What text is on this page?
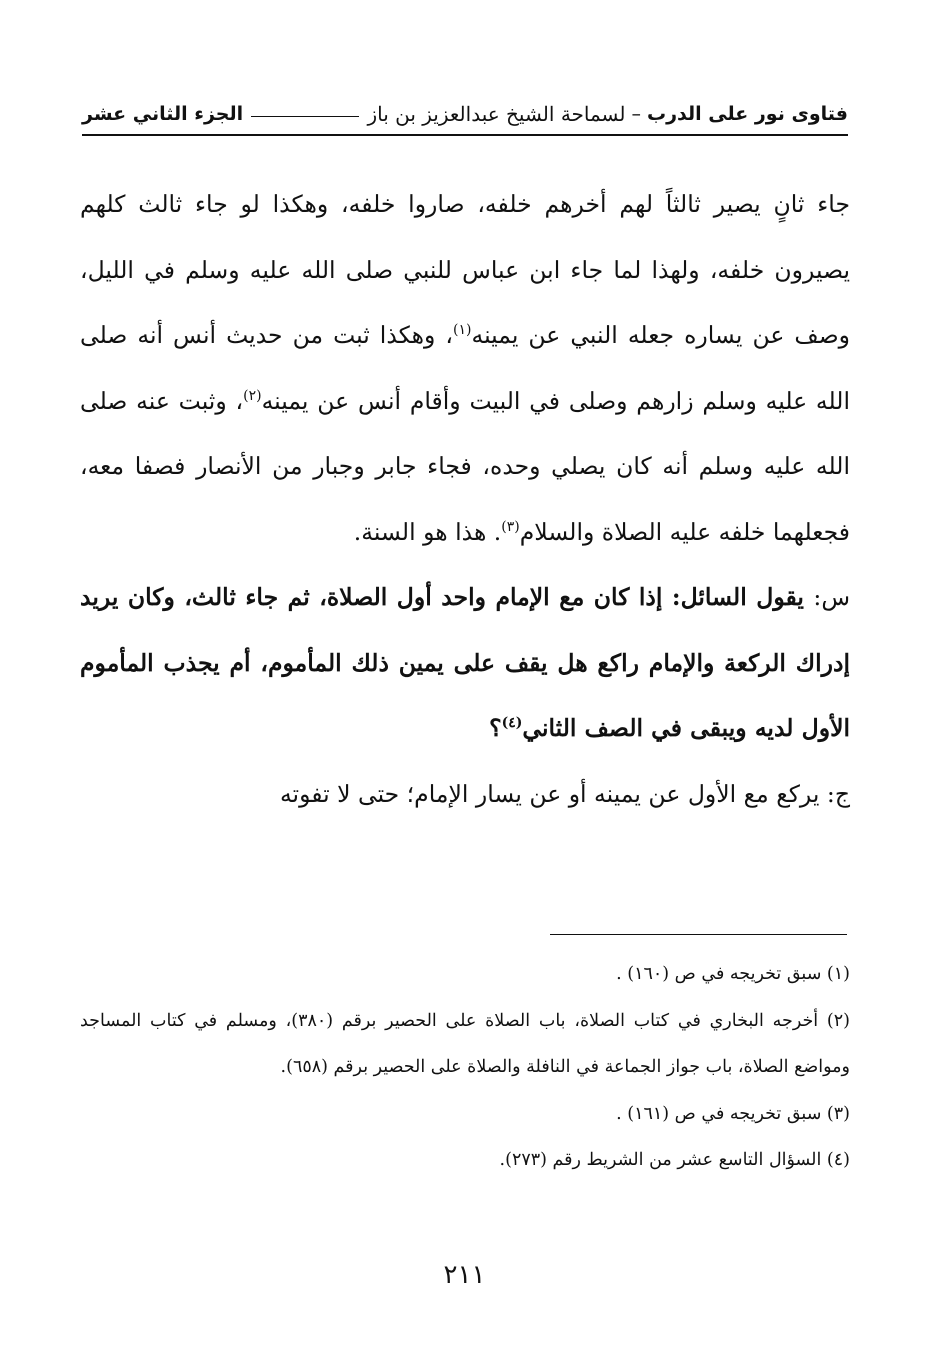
فتاوى نور على الدرب
–
لسماحة الشيخ عبدالعزيز بن باز
الجزء الثاني عشر

جاء ثانٍ يصير ثالثاً لهم أخرهم خلفه، صاروا خلفه، وهكذا لو جاء ثالث كلهم يصيرون خلفه، ولهذا لما جاء ابن عباس للنبي صلى الله عليه وسلم في الليل، وصف عن يساره جعله النبي عن يمينه$^{(١)}$، وهكذا ثبت من حديث أنس أنه صلى الله عليه وسلم زارهم وصلى في البيت وأقام أنس عن يمينه$^{(٢)}$، وثبت عنه صلى الله عليه وسلم أنه كان يصلي وحده، فجاء جابر وجبار من الأنصار فصفا معه، فجعلهما خلفه عليه الصلاة والسلام$^{(٣)}$. هذا هو السنة.

س: يقول السائل: إذا كان مع الإمام واحد أول الصلاة، ثم جاء ثالث، وكان يريد إدراك الركعة والإمام راكع هل يقف على يمين ذلك المأموم، أم يجذب المأموم الأول لديه ويبقى في الصف الثاني$^{(٤)}$؟

ج: يركع مع الأول عن يمينه أو عن يسار الإمام؛ حتى لا تفوته

(١) سبق تخريجه في ص (١٦٠) .

(٢) أخرجه البخاري في كتاب الصلاة، باب الصلاة على الحصير برقم (٣٨٠)، ومسلم في كتاب المساجد ومواضع الصلاة، باب جواز الجماعة في النافلة والصلاة على الحصير برقم (٦٥٨).

(٣) سبق تخريجه في ص (١٦١) .

(٤) السؤال التاسع عشر من الشريط رقم (٢٧٣).

٢١١
